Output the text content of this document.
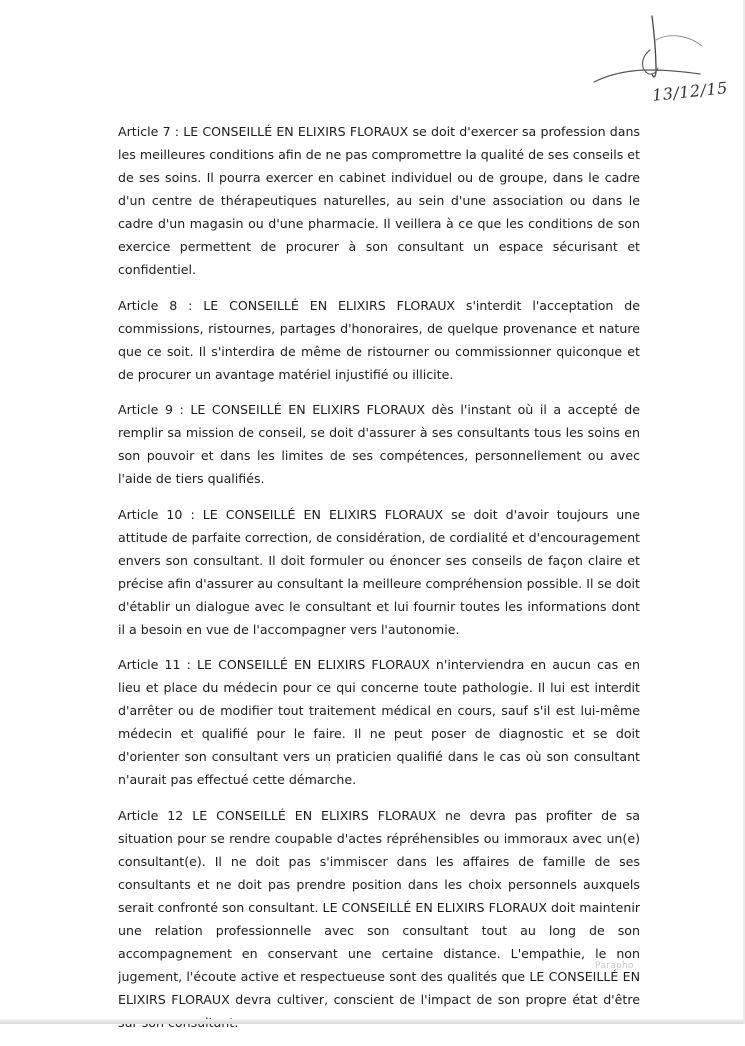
13/12/15

Article 7 : LE CONSEILLÉ EN ELIXIRS FLORAUX se doit d'exercer sa profession dans les meilleures conditions afin de ne pas compromettre la qualité de ses conseils et de ses soins. Il pourra exercer en cabinet individuel ou de groupe, dans le cadre d'un centre de thérapeutiques naturelles, au sein d'une association ou dans le cadre d'un magasin ou d'une pharmacie. Il veillera à ce que les conditions de son exercice permettent de procurer à son consultant un espace sécurisant et confidentiel.

Article 8 : LE CONSEILLÉ EN ELIXIRS FLORAUX s'interdit l'acceptation de commissions, ristournes, partages d'honoraires, de quelque provenance et nature que ce soit. Il s'interdira de même de ristourner ou commissionner quiconque et de procurer un avantage matériel injustifié ou illicite.

Article 9 : LE CONSEILLÉ EN ELIXIRS FLORAUX dès l'instant où il a accepté de remplir sa mission de conseil, se doit d'assurer à ses consultants tous les soins en son pouvoir et dans les limites de ses compétences, personnellement ou avec l'aide de tiers qualifiés.

Article 10 : LE CONSEILLÉ EN ELIXIRS FLORAUX se doit d'avoir toujours une attitude de parfaite correction, de considération, de cordialité et d'encouragement envers son consultant. Il doit formuler ou énoncer ses conseils de façon claire et précise afin d'assurer au consultant la meilleure compréhension possible. Il se doit d'établir un dialogue avec le consultant et lui fournir toutes les informations dont il a besoin en vue de l'accompagner vers l'autonomie.

Article 11 : LE CONSEILLÉ EN ELIXIRS FLORAUX n'interviendra en aucun cas en lieu et place du médecin pour ce qui concerne toute pathologie. Il lui est interdit d'arrêter ou de modifier tout traitement médical en cours, sauf s'il est lui-même médecin et qualifié pour le faire. Il ne peut poser de diagnostic et se doit d'orienter son consultant vers un praticien qualifié dans le cas où son consultant n'aurait pas effectué cette démarche.

Article 12 LE CONSEILLÉ EN ELIXIRS FLORAUX ne devra pas profiter de sa situation pour se rendre coupable d'actes répréhensibles ou immoraux avec un(e) consultant(e). Il ne doit pas s'immiscer dans les affaires de famille de ses consultants et ne doit pas prendre position dans les choix personnels auxquels serait confronté son consultant. LE CONSEILLÉ EN ELIXIRS FLORAUX doit maintenir une relation professionnelle avec son consultant tout au long de son accompagnement en conservant une certaine distance. L'empathie, le non jugement, l'écoute active et respectueuse sont des qualités que LE CONSEILLÉ EN ELIXIRS FLORAUX devra cultiver, conscient de l'impact de son propre état d'être

Parapho
